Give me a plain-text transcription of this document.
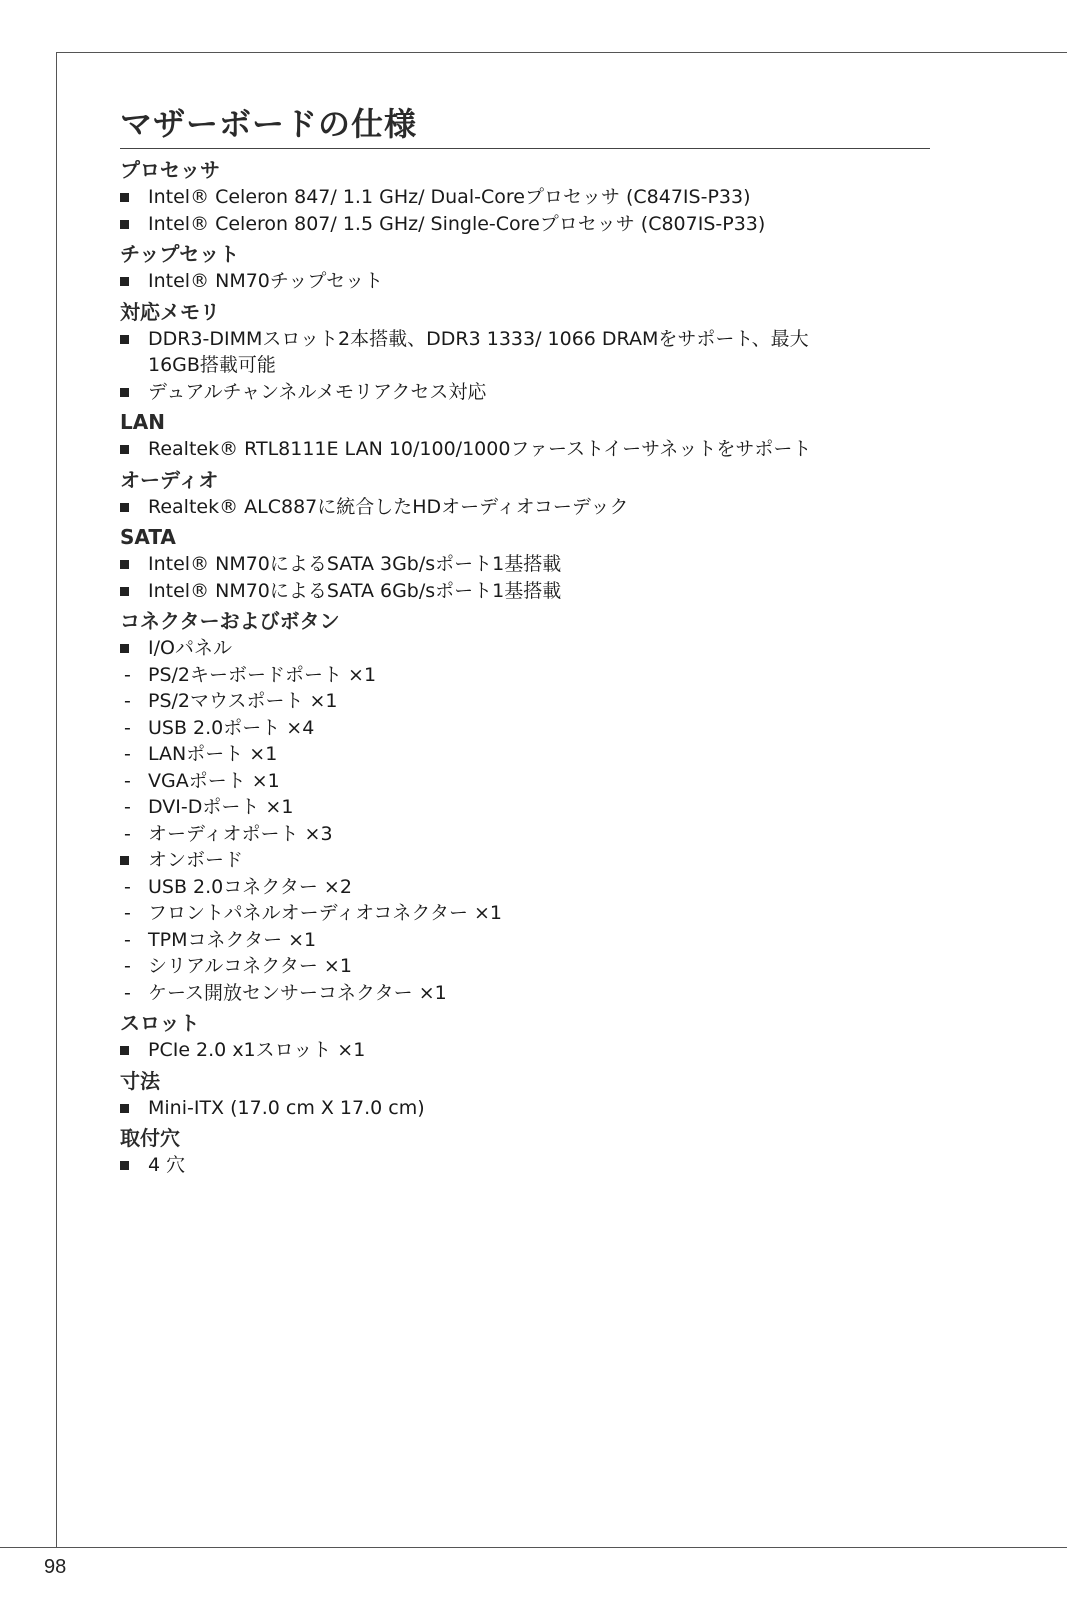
マザーボードの仕様
プロセッサ
Intel® Celeron 847/ 1.1 GHz/ Dual-Coreプロセッサ (C847IS-P33)
Intel® Celeron 807/ 1.5 GHz/ Single-Coreプロセッサ (C807IS-P33)
チップセット
Intel® NM70チップセット
対応メモリ
DDR3-DIMMスロット2本搭載、DDR3 1333/ 1066 DRAMをサポート、最大
16GB搭載可能
デュアルチャンネルメモリアクセス対応
LAN
Realtek® RTL8111E LAN 10/100/1000ファーストイーサネットをサポート
オーディオ
Realtek® ALC887に統合したHDオーディオコーデック
SATA
Intel® NM70によるSATA 3Gb/sポート1基搭載
Intel® NM70によるSATA 6Gb/sポート1基搭載
コネクターおよびボタン
I/Oパネル
- PS/2キーボードポート ×1
- PS/2マウスポート ×1
- USB 2.0ポート ×4
- LANポート ×1
- VGAポート ×1
- DVI-Dポート ×1
- オーディオポート ×3
オンボード
- USB 2.0コネクター ×2
- フロントパネルオーディオコネクター ×1
- TPMコネクター ×1
- シリアルコネクター ×1
- ケース開放センサーコネクター ×1
スロット
PCIe 2.0 x1スロット ×1
寸法
Mini-ITX (17.0 cm X 17.0 cm)
取付穴
4 穴
98
